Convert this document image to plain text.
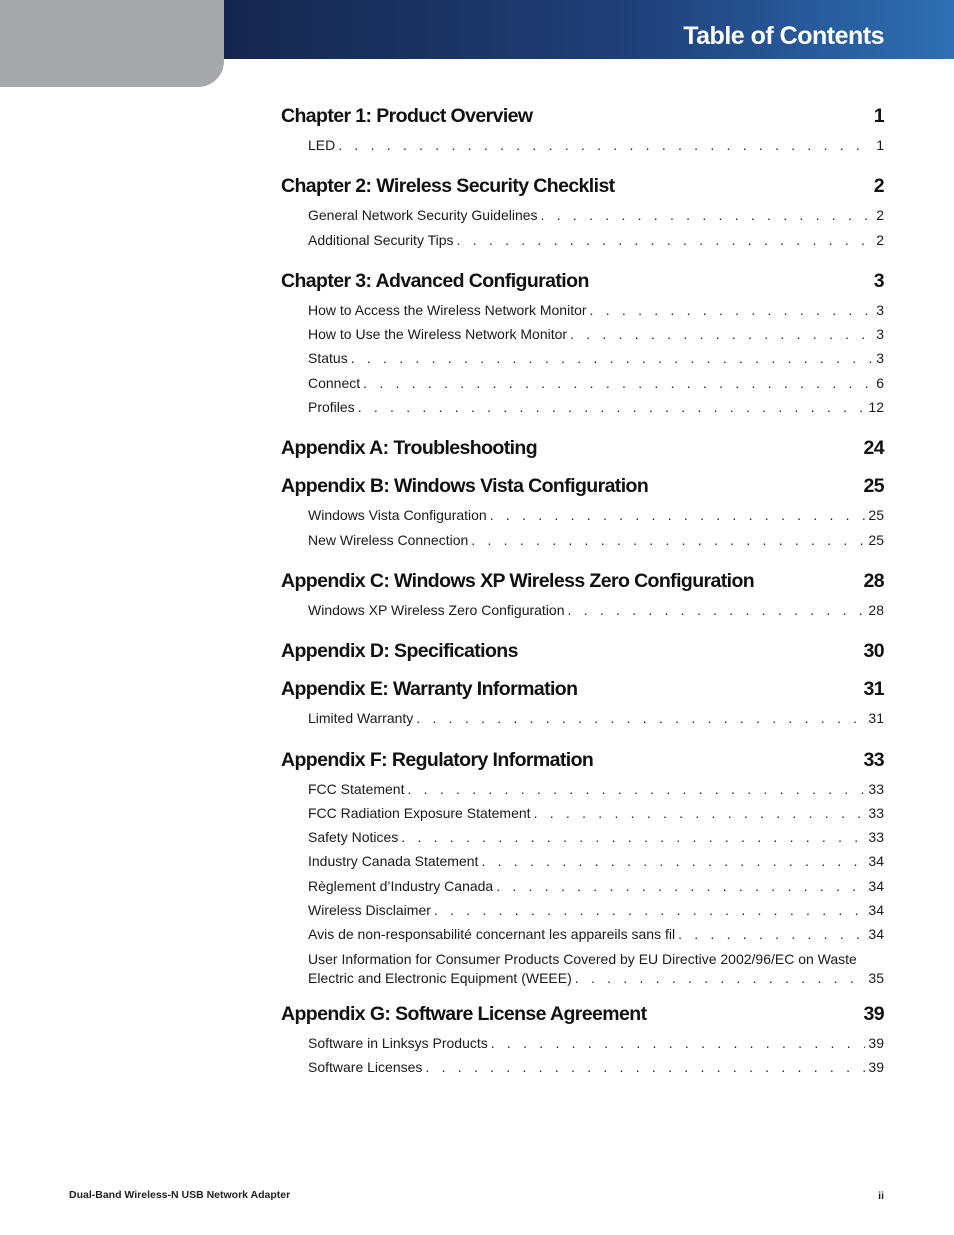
Table of Contents
Chapter 1: Product Overview	1
LED . . .	1
Chapter 2: Wireless Security Checklist	2
General Network Security Guidelines . . .	2
Additional Security Tips . . .	2
Chapter 3: Advanced Configuration	3
How to Access the Wireless Network Monitor . . .	3
How to Use the Wireless Network Monitor . . .	3
Status . . .	3
Connect . . .	6
Profiles . . .	12
Appendix A: Troubleshooting	24
Appendix B: Windows Vista Configuration	25
Windows Vista Configuration . . .	25
New Wireless Connection . . .	25
Appendix C: Windows XP Wireless Zero Configuration	28
Windows XP Wireless Zero Configuration . . .	28
Appendix D: Specifications	30
Appendix E: Warranty Information	31
Limited Warranty . . .	31
Appendix F: Regulatory Information	33
FCC Statement . . .	33
FCC Radiation Exposure Statement . . .	33
Safety Notices . . .	33
Industry Canada Statement . . .	34
Règlement d’Industry Canada . . .	34
Wireless Disclaimer . . .	34
Avis de non-responsabilité concernant les appareils sans fil . . .	34
User Information for Consumer Products Covered by EU Directive 2002/96/EC on Waste
Electric and Electronic Equipment (WEEE) . . .	35
Appendix G: Software License Agreement	39
Software in Linksys Products . . .	39
Software Licenses . . .	39
Dual-Band Wireless-N USB Network Adapter	ii
